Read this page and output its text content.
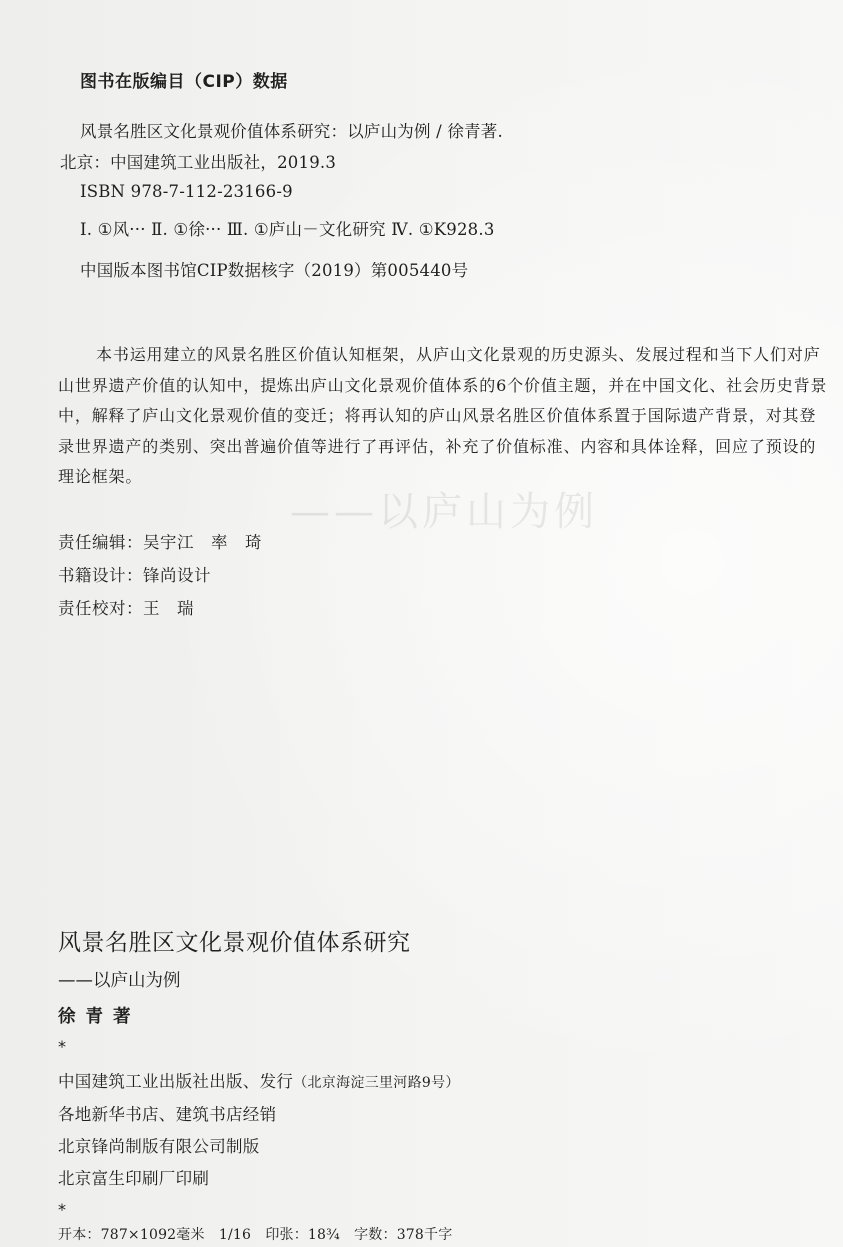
——以庐山为例
图书在版编目（CIP）数据
风景名胜区文化景观价值体系研究：以庐山为例 / 徐青著.
北京：中国建筑工业出版社，2019.3
ISBN 978-7-112-23166-9
Ⅰ. ①风··· Ⅱ. ①徐··· Ⅲ. ①庐山－文化研究 Ⅳ. ①K928.3
中国版本图书馆CIP数据核字（2019）第005440号

本书运用建立的风景名胜区价值认知框架，从庐山文化景观的历史源头、发展过程和当下人们对庐山世界遗产价值的认知中，提炼出庐山文化景观价值体系的6个价值主题，并在中国文化、社会历史背景中，解释了庐山文化景观价值的变迁；将再认知的庐山风景名胜区价值体系置于国际遗产背景，对其登录世界遗产的类别、突出普遍价值等进行了再评估，补充了价值标准、内容和具体诠释，回应了预设的理论框架。

责任编辑：吴宇江　率　琦
书籍设计：锋尚设计
责任校对：王　瑞
风景名胜区文化景观价值体系研究
——以庐山为例
徐青著
*
中国建筑工业出版社出版、发行（北京海淀三里河路9号）
各地新华书店、建筑书店经销
北京锋尚制版有限公司制版
北京富生印刷厂印刷
*
开本：787×1092毫米　1/16　印张：18¾　字数：378千字
